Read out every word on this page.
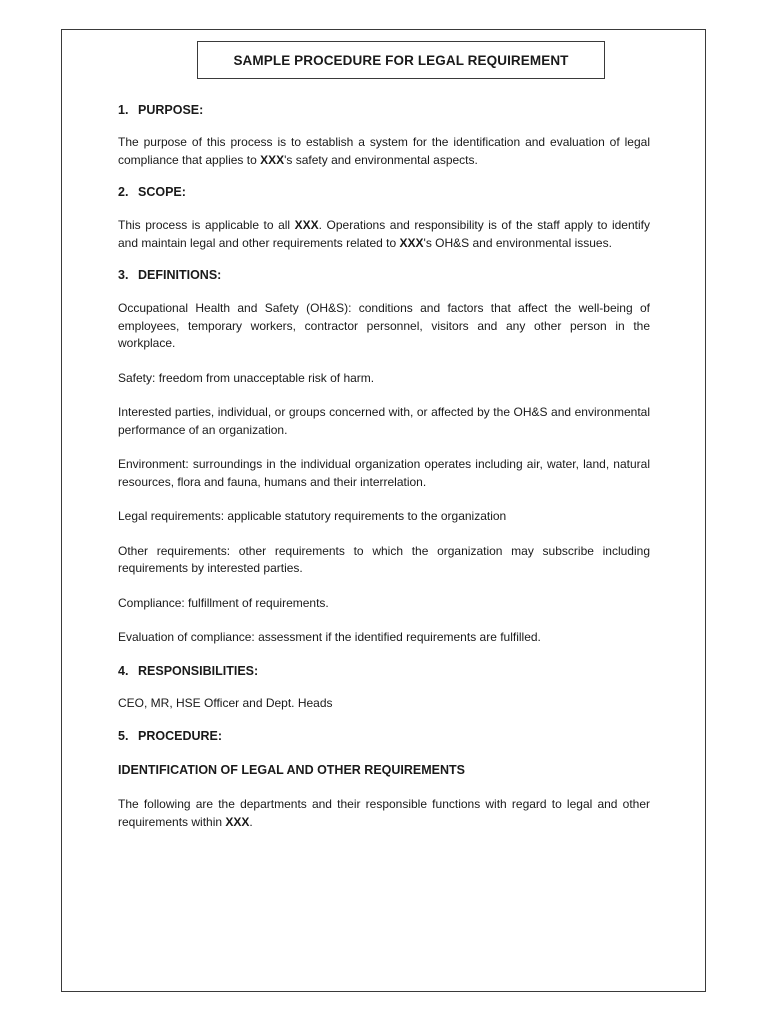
SAMPLE PROCEDURE FOR LEGAL REQUIREMENT

1. PURPOSE:

The purpose of this process is to establish a system for the identification and evaluation of legal compliance that applies to XXX's safety and environmental aspects.

2. SCOPE:

This process is applicable to all XXX. Operations and responsibility is of the staff apply to identify and maintain legal and other requirements related to XXX's OH&S and environmental issues.

3. DEFINITIONS:

Occupational Health and Safety (OH&S): conditions and factors that affect the well-being of employees, temporary workers, contractor personnel, visitors and any other person in the workplace.

Safety: freedom from unacceptable risk of harm.

Interested parties, individual, or groups concerned with, or affected by the OH&S and environmental performance of an organization.

Environment: surroundings in the individual organization operates including air, water, land, natural resources, flora and fauna, humans and their interrelation.

Legal requirements: applicable statutory requirements to the organization

Other requirements: other requirements to which the organization may subscribe including requirements by interested parties.

Compliance: fulfillment of requirements.

Evaluation of compliance: assessment if the identified requirements are fulfilled.

4. RESPONSIBILITIES:

CEO, MR, HSE Officer and Dept. Heads

5. PROCEDURE:

IDENTIFICATION OF LEGAL AND OTHER REQUIREMENTS

The following are the departments and their responsible functions with regard to legal and other requirements within XXX.
